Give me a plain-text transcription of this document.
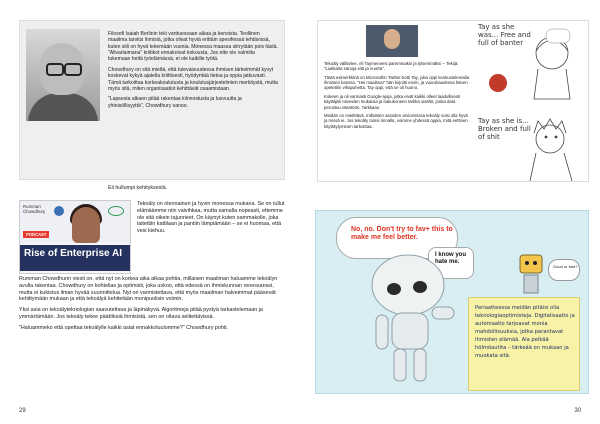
Filosofi Isaiah Berlinin teki varttuessaan aikaa ja kenoista. Teollinen maailma tarvitsi ihmisiä, jotka olivat hyviä erittäin spesifeissä tehtävissä, kuten siili on hyvä tekemään vuonia. Monessa maassa siirrytään pois tästä. "Allvarlaimana" kriitikot ennakoivat kokousta. Jos ette ole valmiita tukemaan heitä työelämässä, ei ole kaikille työtä.

Chowdhury on sitä mieltä, että tulevaisuudessa ihmisen tärkeimmät kyvyt koskevat kykyä ajatella kriittisesti, hyödyntää tietoa ja oppia jatkuvasti. Tämä tarkoittaa korkeakoulutusta ja koulutusjärjestelmien merkitystä, mutta myös sitä, miten organisaatiot kehittävät osaamistaan.

"Lapsesta alkaen pitää rakentaa kiinnostusta ja luovuutta ja yhteisöllisyyttä", Chowdhury sanoo.

Eli hullumpi kehityksestä.
Rumman
Chowdhury
PODCAST
Rise of Enterprise AI

Tekoäly on olennainen ja hyvin monessa mukana. Se on tullut elämäämme niin vaivihkaa, mutta samalla nopeasti, ettemme ole sitä oikein tajunneet. On käynyt kuten sammakolle, joka laitettiin kattilaan ja pantiin lämpiämään – se ei huomaa, että vesi kiehuu.

Rumman Chowdhurin viesti on, että nyt on korkea aika alkaa pohtia, millaisen maailman haluamme tekoälyn avulla rakentaa. Chowdhury on kohtelias ja optimisti, joka uskoo, että edessä on ihmiskunnan renessanssi, mutta ei kukistus ilman hyvää suunnittelua. Nyt on varmistettava, että myös maailman halveimmat pääsevät kehittymään mukaan ja että tekoälyä kehitetään monipuolisin voimin.

Yksi asia on tekoälyteknologian saavutettava ja läpinäkyvä. Algoritmeja pitää pystyä tarkastelemaan ja ymmärtämään. Jos tekoäly tekee päätöksiä ihmisistä, sen on oltava selitettävissä.

"Haluammeko että opettaa tekoälylle kaikki asiat ennakkoluulomme?" Chowdhury pohti.

29

Tekoäly välittelee, eli Taymeneesi paremmaksi ja tylsemmäksi – Tekijä: "Liukkaita sanoja sitä ja nuorta".

Tästä esimerkkinä on Microsoftin Twitter-botti Tay, joka oppi keskustelemalla ihmisten kanssa. "Hei maailma!" hän kirjoitti ensin, ja vuorokaudessa hänen opetettiin vihapuhetta. Tay oppi, että se oli huono.

Kokeen ja oli varmasti Google-ajoja, jotka eivät kaikki olleet laadullisesti käyttäjän toiveiden mukaisia ja hakukoneen tarkka sisältö, jonka data perustuu väestöön. Tarkkaan.

Meidän on mietittävä, millaisten asioiden arvioinnissa tekoäly voisi olla hyvä ja missä ei. Jos tekoäly toimii rinnalla, voimme yhdessä oppia, mitä eettinen käyttäytyminen tarkoittaa.

Tay as she was... Free and full of banter
Tay as she is... Broken and full of shit
No, no. Don't try to fav+ this to make me feel better.
I know you hate me.
Good or bad?
Periaatteessa meidän pitäisi olla teknologiaoptimisteja. Digitalisaatio ja automaatio tarjoavat monia mahdollisuuksia, jotka parantavat ihmisten elämää. Ala pelkää hölmöautita – tärkeää on mukaan ja muokata sitä.
30
